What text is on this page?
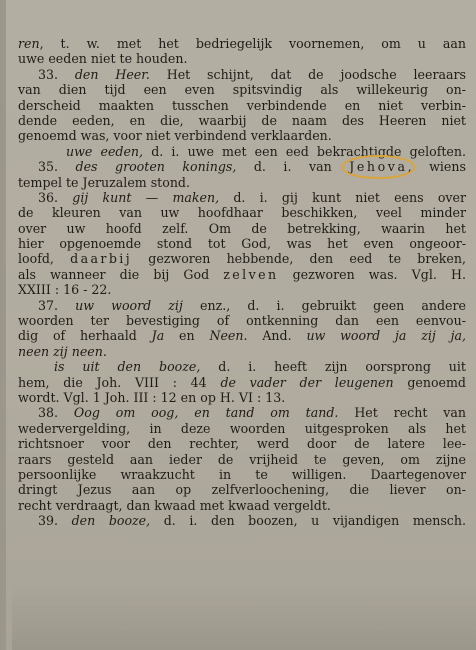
ren, t. w. met het bedriegelijk voornemen, om u aan
uwe eeden niet te houden.
33. den Heer. Het schijnt, dat de joodsche leeraars
van dien tijd een even spitsvindig als willekeurig on-
derscheid maakten tusschen verbindende en niet verbin-
dende eeden, en die, waarbij de naam des Heeren niet
genoemd was, voor niet verbindend verklaarden.
uwe eeden, d. i. uwe met een eed bekrachtigde geloften.
35. des grooten konings, d. i. van Jehova, wiens
tempel te Jeruzalem stond.
36. gij kunt — maken, d. i. gij kunt niet eens over
de kleuren van uw hoofdhaar beschikken, veel minder
over uw hoofd zelf. Om de betrekking, waarin het
hier opgenoemde stond tot God, was het even ongeoor-
loofd, daarbij gezworen hebbende, den eed te breken,
als wanneer die bij God zelven gezworen was. Vgl. H.
XXIII : 16 - 22.
37. uw woord zij enz., d. i. gebruikt geen andere
woorden ter bevestiging of ontkenning dan een eenvou-
dig of herhaald Ja en Neen. And. uw woord ja zij ja,
neen zij neen.
is uit den booze, d. i. heeft zijn oorsprong uit
hem, die Joh. VIII : 44 de vader der leugenen genoemd
wordt. Vgl. 1 Joh. III : 12 en op H. VI : 13.
38. Oog om oog, en tand om tand. Het recht van
wedervergelding, in deze woorden uitgesproken als het
richtsnoer voor den rechter, werd door de latere lee-
raars gesteld aan ieder de vrijheid te geven, om zijne
persoonlijke wraakzucht in te willigen. Daartegenover
dringt Jezus aan op zelfverloochening, die liever on-
recht verdraagt, dan kwaad met kwaad vergeldt.
39. den booze, d. i. den boozen, u vijandigen mensch.
